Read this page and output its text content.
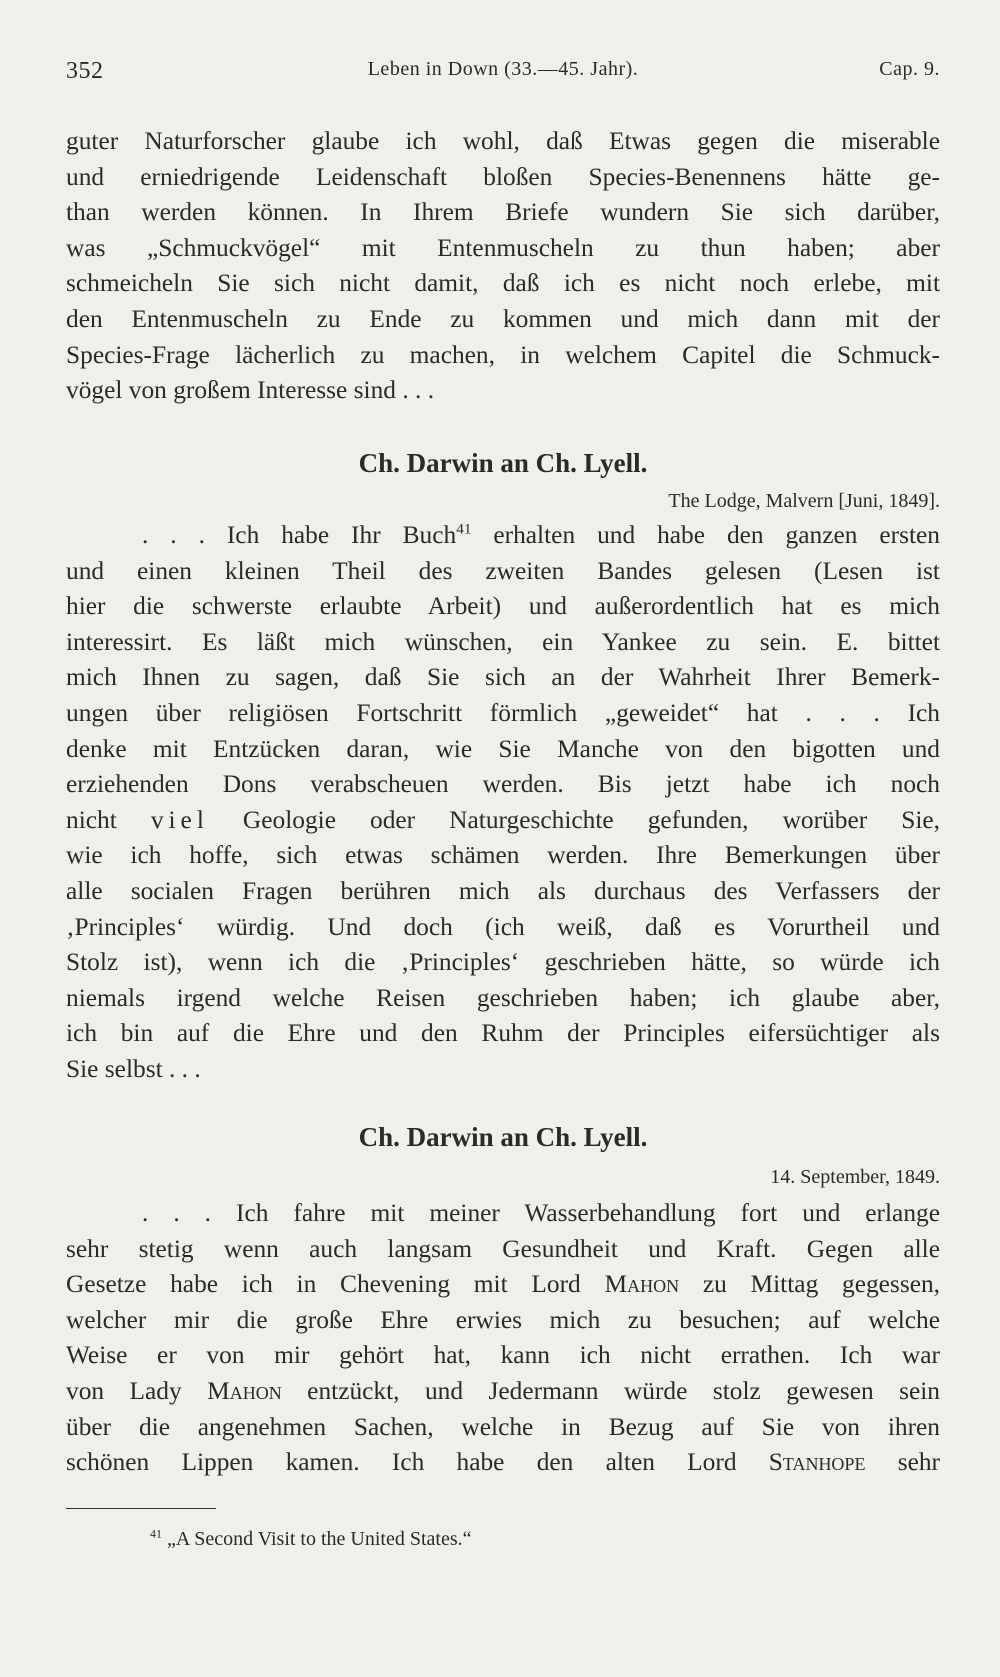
352	Leben in Down (33.—45. Jahr).	Cap. 9.
guter Naturforscher glaube ich wohl, daß Etwas gegen die miserable
und erniedrigende Leidenschaft bloßen Species-Benennens hätte ge-
than werden können. In Ihrem Briefe wundern Sie sich darüber,
was „Schmuckvögel“ mit Entenmuscheln zu thun haben; aber
schmeicheln Sie sich nicht damit, daß ich es nicht noch erlebe, mit
den Entenmuscheln zu Ende zu kommen und mich dann mit der
Species-Frage lächerlich zu machen, in welchem Capitel die Schmuck-
vögel von großem Interesse sind . . .
Ch. Darwin an Ch. Lyell.
The Lodge, Malvern [Juni, 1849].
. . . Ich habe Ihr Buch$^{41}$ erhalten und habe den ganzen ersten
und einen kleinen Theil des zweiten Bandes gelesen (Lesen ist
hier die schwerste erlaubte Arbeit) und außerordentlich hat es mich
interessirt. Es läßt mich wünschen, ein Yankee zu sein. E. bittet
mich Ihnen zu sagen, daß Sie sich an der Wahrheit Ihrer Bemerk-
ungen über religiösen Fortschritt förmlich „geweidet“ hat . . . Ich
denke mit Entzücken daran, wie Sie Manche von den bigotten und
erziehenden Dons verabscheuen werden. Bis jetzt habe ich noch
nicht viel Geologie oder Naturgeschichte gefunden, worüber Sie,
wie ich hoffe, sich etwas schämen werden. Ihre Bemerkungen über
alle socialen Fragen berühren mich als durchaus des Verfassers der
‚Principles‘ würdig. Und doch (ich weiß, daß es Vorurtheil und
Stolz ist), wenn ich die ‚Principles‘ geschrieben hätte, so würde ich
niemals irgend welche Reisen geschrieben haben; ich glaube aber,
ich bin auf die Ehre und den Ruhm der Principles eifersüchtiger als
Sie selbst . . .
Ch. Darwin an Ch. Lyell.
14. September, 1849.
. . . Ich fahre mit meiner Wasserbehandlung fort und erlange
sehr stetig wenn auch langsam Gesundheit und Kraft. Gegen alle
Gesetze habe ich in Chevening mit Lord Mahon zu Mittag gegessen,
welcher mir die große Ehre erwies mich zu besuchen; auf welche
Weise er von mir gehört hat, kann ich nicht errathen. Ich war
von Lady Mahon entzückt, und Jedermann würde stolz gewesen sein
über die angenehmen Sachen, welche in Bezug auf Sie von ihren
schönen Lippen kamen. Ich habe den alten Lord Stanhope sehr
$^{41}$ „A Second Visit to the United States.“
